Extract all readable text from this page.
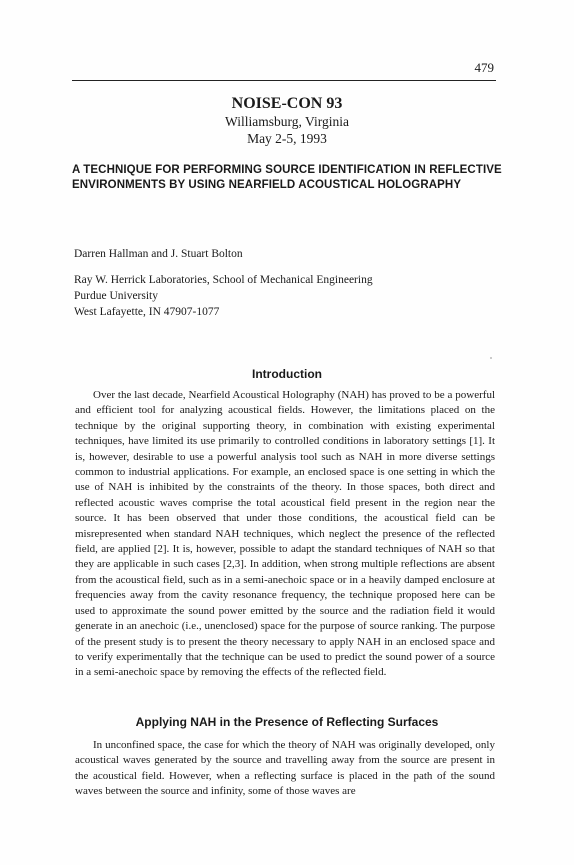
479
NOISE-CON 93
Williamsburg, Virginia
May 2-5, 1993
A TECHNIQUE FOR PERFORMING SOURCE IDENTIFICATION IN REFLECTIVE
ENVIRONMENTS BY USING NEARFIELD ACOUSTICAL HOLOGRAPHY
Darren Hallman and J. Stuart Bolton
Ray W. Herrick Laboratories, School of Mechanical Engineering
Purdue University
West Lafayette, IN 47907-1077
Introduction

Over the last decade, Nearfield Acoustical Holography (NAH) has proved to be a powerful and efficient tool for analyzing acoustical fields. However, the limitations placed on the technique by the original supporting theory, in combination with existing experimental techniques, have limited its use primarily to controlled conditions in laboratory settings [1]. It is, however, desirable to use a powerful analysis tool such as NAH in more diverse settings common to industrial applications. For example, an enclosed space is one setting in which the use of NAH is inhibited by the constraints of the theory. In those spaces, both direct and reflected acoustic waves comprise the total acoustical field present in the region near the source. It has been observed that under those conditions, the acoustical field can be misrepresented when standard NAH techniques, which neglect the presence of the reflected field, are applied [2]. It is, however, possible to adapt the standard techniques of NAH so that they are applicable in such cases [2,3]. In addition, when strong multiple reflections are absent from the acoustical field, such as in a semi-anechoic space or in a heavily damped enclosure at frequencies away from the cavity resonance frequency, the technique proposed here can be used to approximate the sound power emitted by the source and the radiation field it would generate in an anechoic (i.e., unenclosed) space for the purpose of source ranking. The purpose of the present study is to present the theory necessary to apply NAH in an enclosed space and to verify experimentally that the technique can be used to predict the sound power of a source in a semi-anechoic space by removing the effects of the reflected field.

Applying NAH in the Presence of Reflecting Surfaces

In unconfined space, the case for which the theory of NAH was originally developed, only acoustical waves generated by the source and travelling away from the source are present in the acoustical field. However, when a reflecting surface is placed in the path of the sound waves between the source and infinity, some of those waves are
